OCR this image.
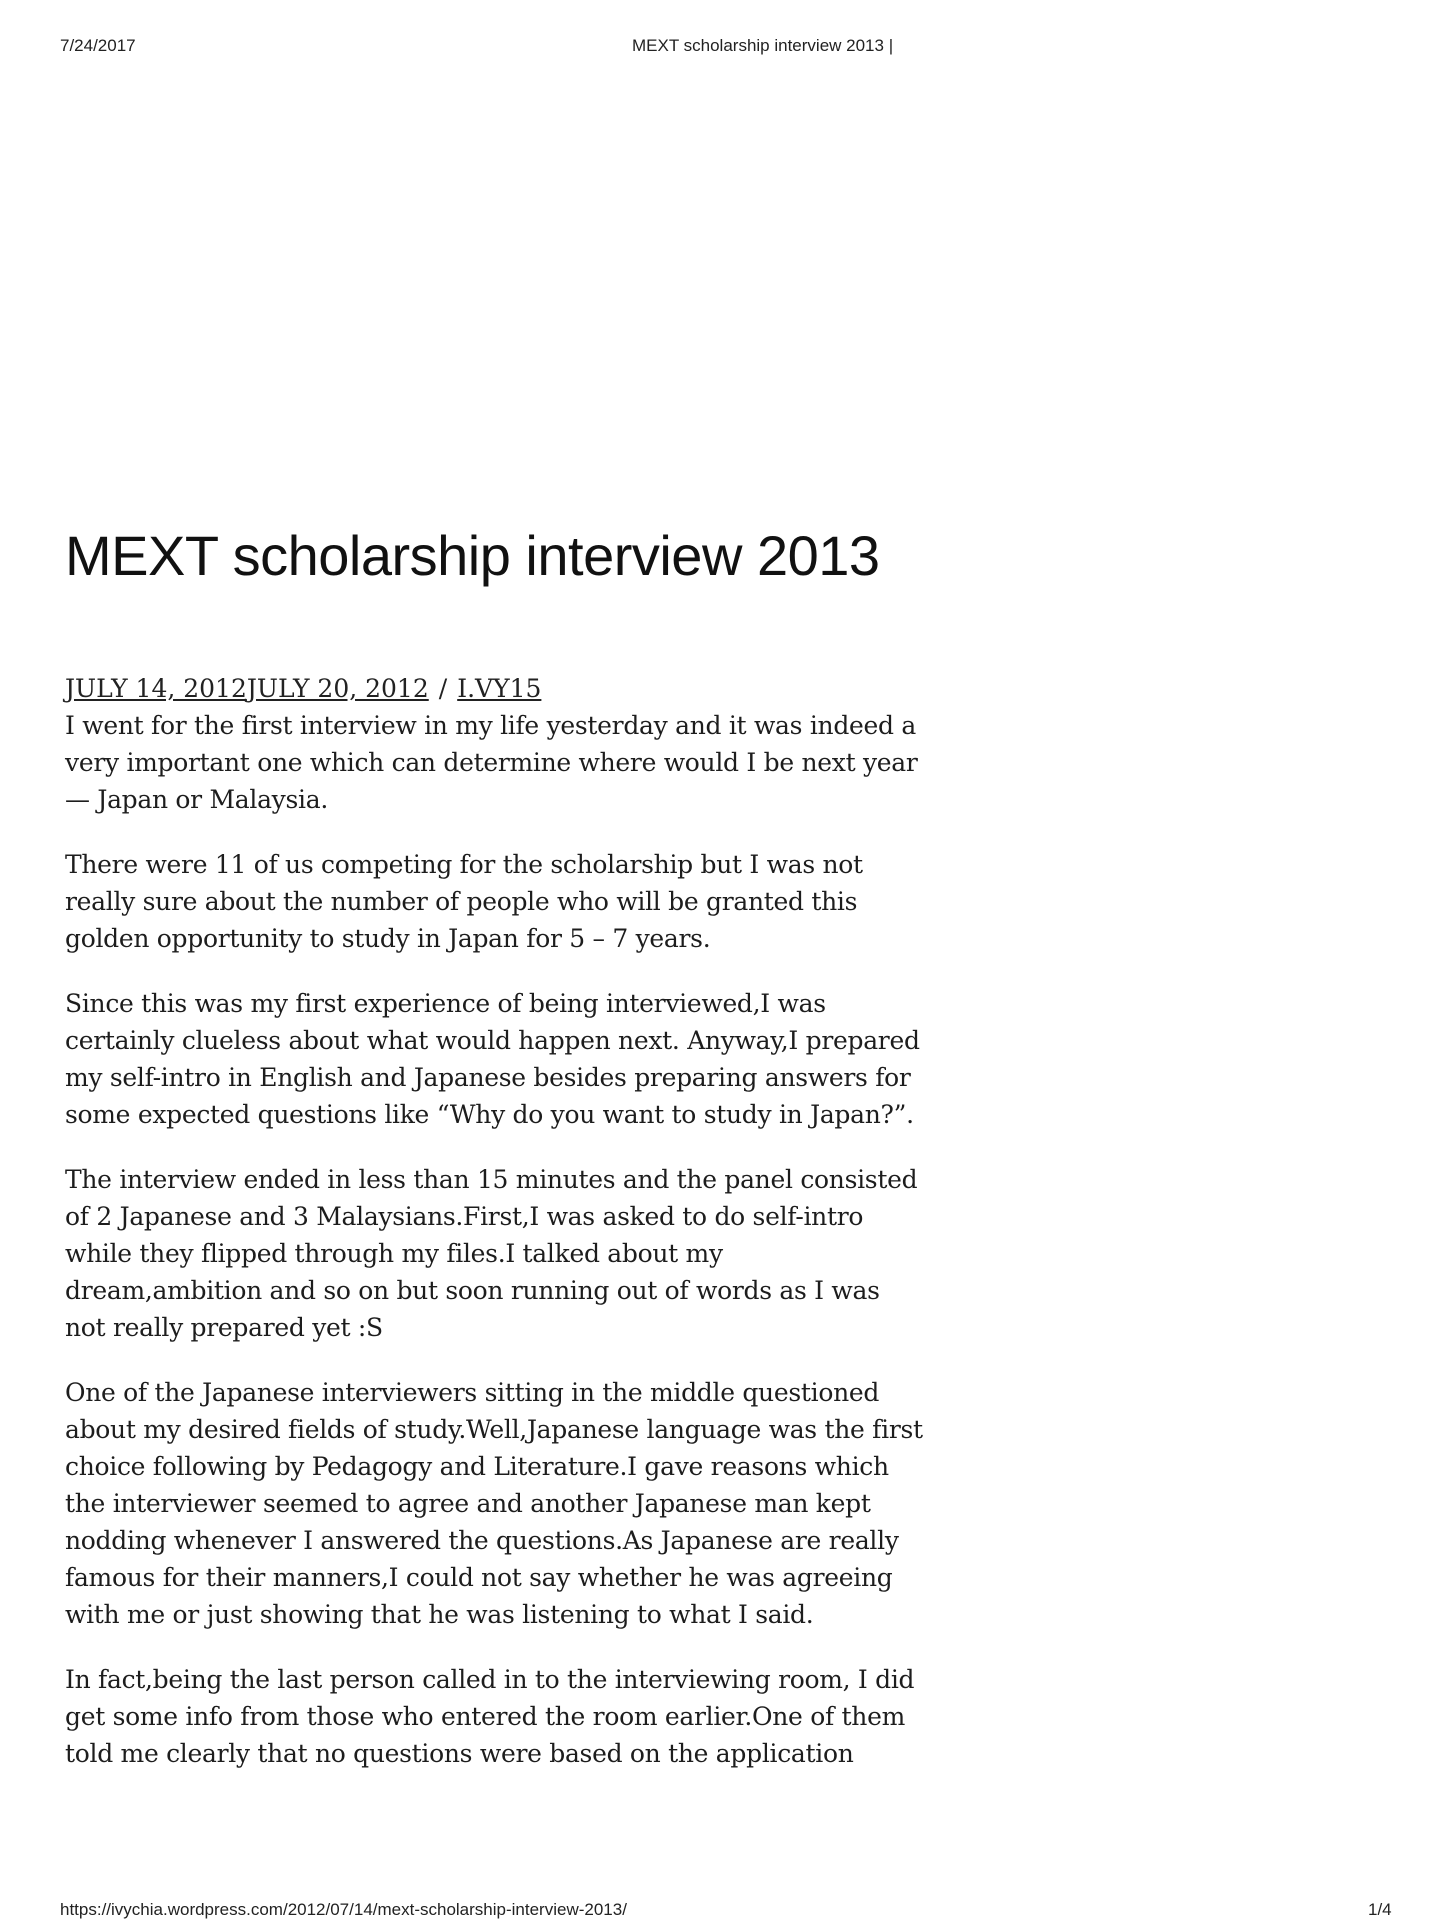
7/24/2017	MEXT scholarship interview 2013 |
MEXT scholarship interview 2013
JULY 14, 2012JULY 20, 2012 / I.VY15

I went for the first interview in my life yesterday and it was indeed a very important one which can determine where would I be next year — Japan or Malaysia.

There were 11 of us competing for the scholarship but I was not really sure about the number of people who will be granted this golden opportunity to study in Japan for 5 – 7 years.

Since this was my first experience of being interviewed,I was certainly clueless about what would happen next. Anyway,I prepared my self-intro in English and Japanese besides preparing answers for some expected questions like “Why do you want to study in Japan?”.

The interview ended in less than 15 minutes and the panel consisted of 2 Japanese and 3 Malaysians.First,I was asked to do self-intro while they flipped through my files.I talked about my dream,ambition and so on but soon running out of words as I was not really prepared yet :S

One of the Japanese interviewers sitting in the middle questioned about my desired fields of study.Well,Japanese language was the first choice following by Pedagogy and Literature.I gave reasons which the interviewer seemed to agree and another Japanese man kept nodding whenever I answered the questions.As Japanese are really famous for their manners,I could not say whether he was agreeing with me or just showing that he was listening to what I said.

In fact,being the last person called in to the interviewing room, I did get some info from those who entered the room earlier.One of them told me clearly that no questions were based on the application

https://ivychia.wordpress.com/2012/07/14/mext-scholarship-interview-2013/	1/4
